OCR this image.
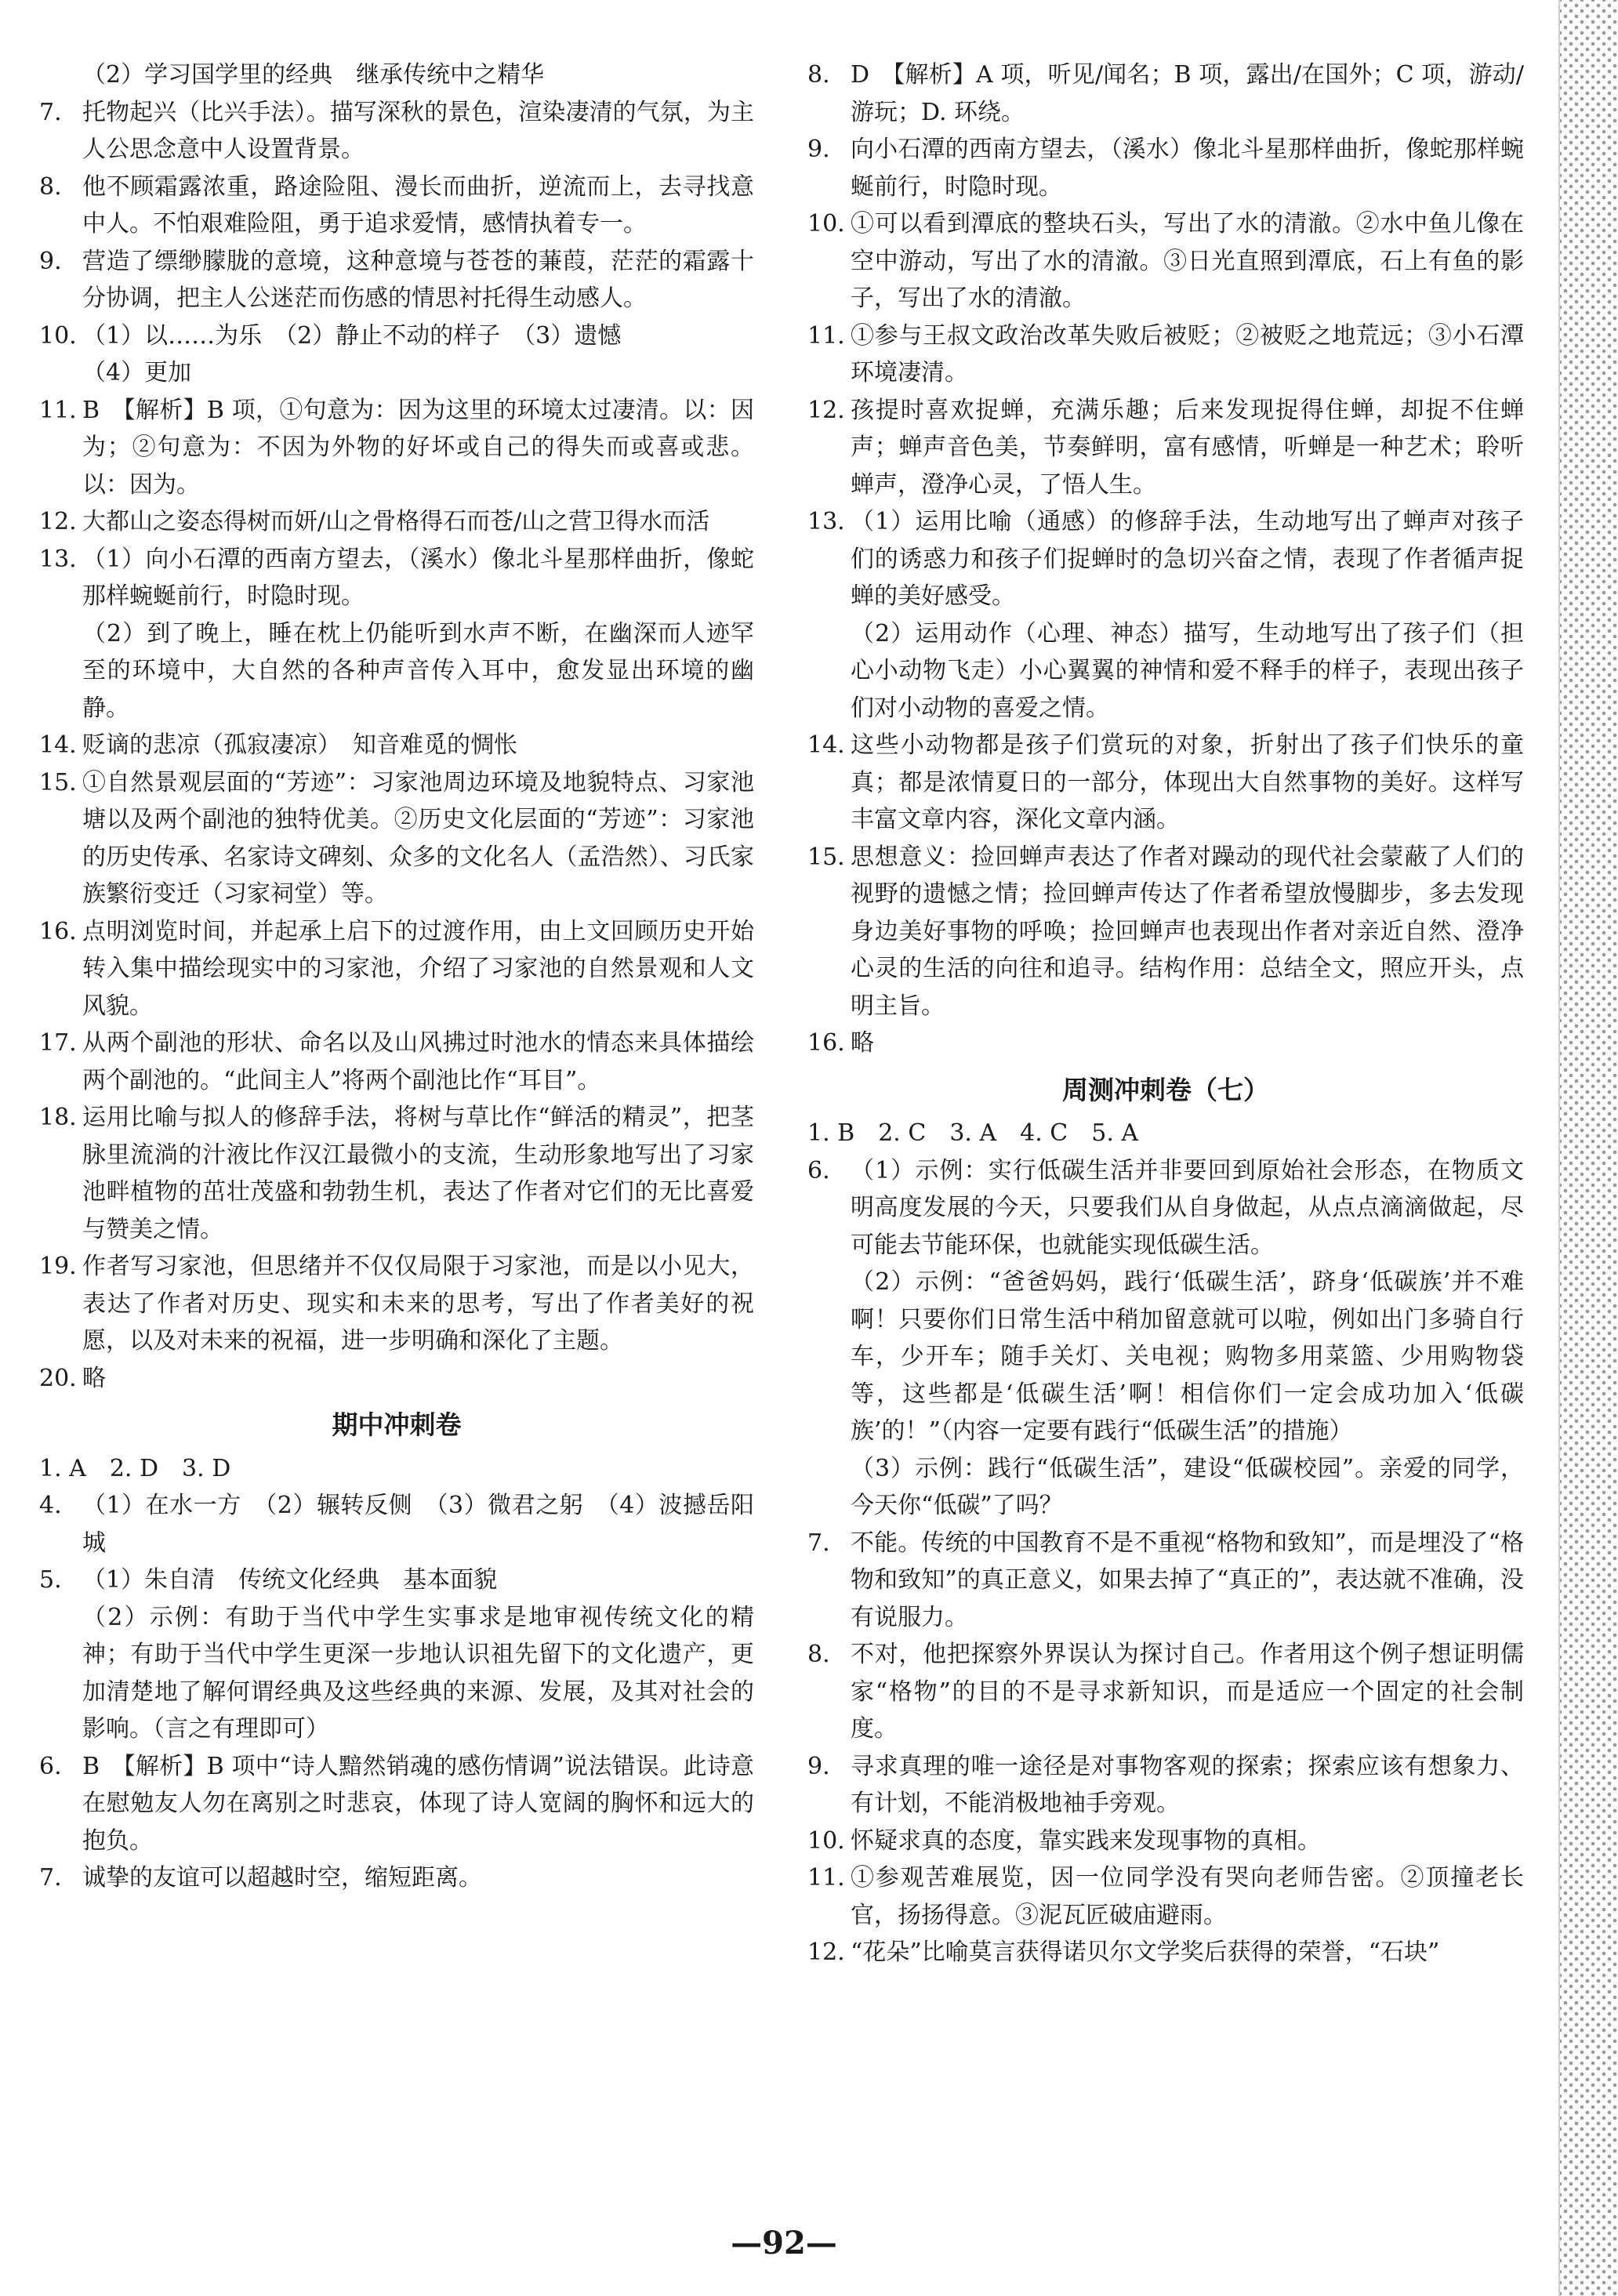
（2）学习国学里的经典　继承传统中之精华
7. 托物起兴（比兴手法）。描写深秋的景色，渲染凄清的气氛，为主人公思念意中人设置背景。
8. 他不顾霜露浓重，路途险阻、漫长而曲折，逆流而上，去寻找意中人。不怕艰难险阻，勇于追求爱情，感情执着专一。
9. 营造了缥缈朦胧的意境，这种意境与苍苍的蒹葭，茫茫的霜露十分协调，把主人公迷茫而伤感的情思衬托得生动感人。
10. （1）以……为乐　（2）静止不动的样子　（3）遗憾
（4）更加
11. B　【解析】B 项，①句意为：因为这里的环境太过凄清。以：因为；②句意为：不因为外物的好坏或自己的得失而或喜或悲。以：因为。
12. 大都山之姿态得树而妍/山之骨格得石而苍/山之营卫得水而活
13. （1）向小石潭的西南方望去，（溪水）像北斗星那样曲折，像蛇那样蜿蜒前行，时隐时现。
（2）到了晚上，睡在枕上仍能听到水声不断，在幽深而人迹罕至的环境中，大自然的各种声音传入耳中，愈发显出环境的幽静。
14. 贬谪的悲凉（孤寂凄凉）　知音难觅的惆怅
15. ①自然景观层面的“芳迹”：习家池周边环境及地貌特点、习家池塘以及两个副池的独特优美。②历史文化层面的“芳迹”：习家池的历史传承、名家诗文碑刻、众多的文化名人（孟浩然）、习氏家族繁衍变迁（习家祠堂）等。
16. 点明浏览时间，并起承上启下的过渡作用，由上文回顾历史开始转入集中描绘现实中的习家池，介绍了习家池的自然景观和人文风貌。
17. 从两个副池的形状、命名以及山风拂过时池水的情态来具体描绘两个副池的。“此间主人”将两个副池比作“耳目”。
18. 运用比喻与拟人的修辞手法，将树与草比作“鲜活的精灵”，把茎脉里流淌的汁液比作汉江最微小的支流，生动形象地写出了习家池畔植物的茁壮茂盛和勃勃生机，表达了作者对它们的无比喜爱与赞美之情。
19. 作者写习家池，但思绪并不仅仅局限于习家池，而是以小见大，表达了作者对历史、现实和未来的思考，写出了作者美好的祝愿，以及对未来的祝福，进一步明确和深化了主题。
20. 略
期中冲刺卷
1. A　2. D　3. D
4. （1）在水一方　（2）辗转反侧　（3）微君之躬　（4）波撼岳阳城
5. （1）朱自清　传统文化经典　基本面貌
（2）示例：有助于当代中学生实事求是地审视传统文化的精神；有助于当代中学生更深一步地认识祖先留下的文化遗产，更加清楚地了解何谓经典及这些经典的来源、发展，及其对社会的影响。（言之有理即可）
6. B　【解析】B 项中“诗人黯然销魂的感伤情调”说法错误。此诗意在慰勉友人勿在离别之时悲哀，体现了诗人宽阔的胸怀和远大的抱负。
7. 诚挚的友谊可以超越时空，缩短距离。
8. D　【解析】A 项，听见/闻名；B 项，露出/在国外；C 项，游动/游玩；D. 环绕。
9. 向小石潭的西南方望去，（溪水）像北斗星那样曲折，像蛇那样蜿蜒前行，时隐时现。
10. ①可以看到潭底的整块石头，写出了水的清澈。②水中鱼儿像在空中游动，写出了水的清澈。③日光直照到潭底，石上有鱼的影子，写出了水的清澈。
11. ①参与王叔文政治改革失败后被贬；②被贬之地荒远；③小石潭环境凄清。
12. 孩提时喜欢捉蝉，充满乐趣；后来发现捉得住蝉，却捉不住蝉声；蝉声音色美，节奏鲜明，富有感情，听蝉是一种艺术；聆听蝉声，澄净心灵，了悟人生。
13. （1）运用比喻（通感）的修辞手法，生动地写出了蝉声对孩子们的诱惑力和孩子们捉蝉时的急切兴奋之情，表现了作者循声捉蝉的美好感受。
（2）运用动作（心理、神态）描写，生动地写出了孩子们（担心小动物飞走）小心翼翼的神情和爱不释手的样子，表现出孩子们对小动物的喜爱之情。
14. 这些小动物都是孩子们赏玩的对象，折射出了孩子们快乐的童真；都是浓情夏日的一部分，体现出大自然事物的美好。这样写丰富文章内容，深化文章内涵。
15. 思想意义：捡回蝉声表达了作者对躁动的现代社会蒙蔽了人们的视野的遗憾之情；捡回蝉声传达了作者希望放慢脚步，多去发现身边美好事物的呼唤；捡回蝉声也表现出作者对亲近自然、澄净心灵的生活的向往和追寻。结构作用：总结全文，照应开头，点明主旨。
16. 略
周测冲刺卷（七）
1. B　2. C　3. A　4. C　5. A
6. （1）示例：实行低碳生活并非要回到原始社会形态，在物质文明高度发展的今天，只要我们从自身做起，从点点滴滴做起，尽可能去节能环保，也就能实现低碳生活。
（2）示例：“爸爸妈妈，践行‘低碳生活’，跻身‘低碳族’并不难啊！只要你们日常生活中稍加留意就可以啦，例如出门多骑自行车，少开车；随手关灯、关电视；购物多用菜篮、少用购物袋等，这些都是‘低碳生活’啊！相信你们一定会成功加入‘低碳族’的！”（内容一定要有践行“低碳生活”的措施）
（3）示例：践行“低碳生活”，建设“低碳校园”。亲爱的同学，今天你“低碳”了吗？
7. 不能。传统的中国教育不是不重视“格物和致知”，而是埋没了“格物和致知”的真正意义，如果去掉了“真正的”，表达就不准确，没有说服力。
8. 不对，他把探察外界误认为探讨自己。作者用这个例子想证明儒家“格物”的目的不是寻求新知识，而是适应一个固定的社会制度。
9. 寻求真理的唯一途径是对事物客观的探索；探索应该有想象力、有计划，不能消极地袖手旁观。
10. 怀疑求真的态度，靠实践来发现事物的真相。
11. ①参观苦难展览，因一位同学没有哭向老师告密。②顶撞老长官，扬扬得意。③泥瓦匠破庙避雨。
12. “花朵”比喻莫言获得诺贝尔文学奖后获得的荣誉，“石块”
—92—
